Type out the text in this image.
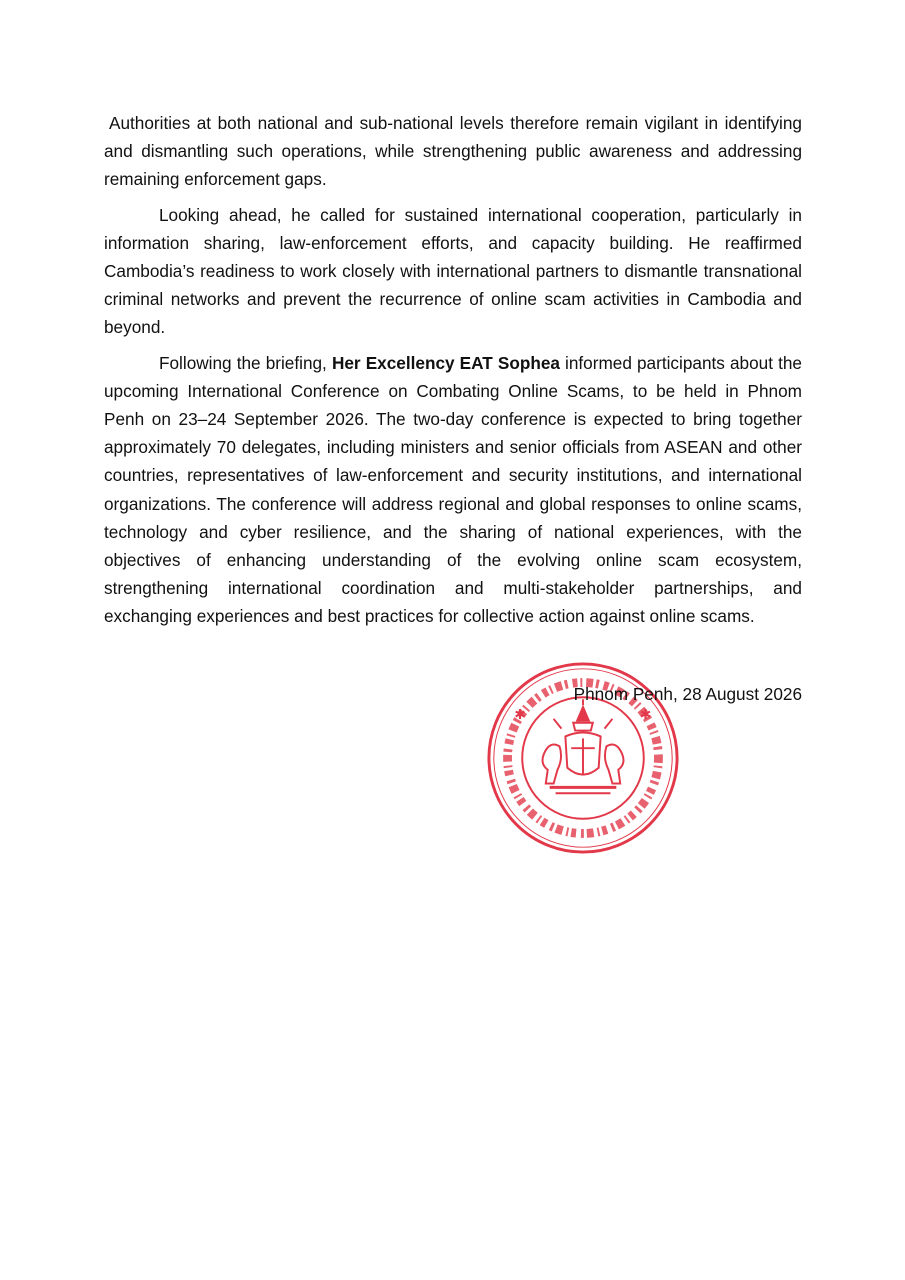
Authorities at both national and sub-national levels therefore remain vigilant in identifying and dismantling such operations, while strengthening public awareness and addressing remaining enforcement gaps.

Looking ahead, he called for sustained international cooperation, particularly in information sharing, law-enforcement efforts, and capacity building. He reaffirmed Cambodia’s readiness to work closely with international partners to dismantle transnational criminal networks and prevent the recurrence of online scam activities in Cambodia and beyond.

Following the briefing, Her Excellency EAT Sophea informed participants about the upcoming International Conference on Combating Online Scams, to be held in Phnom Penh on 23–24 September 2026. The two-day conference is expected to bring together approximately 70 delegates, including ministers and senior officials from ASEAN and other countries, representatives of law-enforcement and security institutions, and international organizations. The conference will address regional and global responses to online scams, technology and cyber resilience, and the sharing of national experiences, with the objectives of enhancing understanding of the evolving online scam ecosystem, strengthening international coordination and multi-stakeholder partnerships, and exchanging experiences and best practices for collective action against online scams.

✱	✱
Phnom Penh, 28 August 2026
